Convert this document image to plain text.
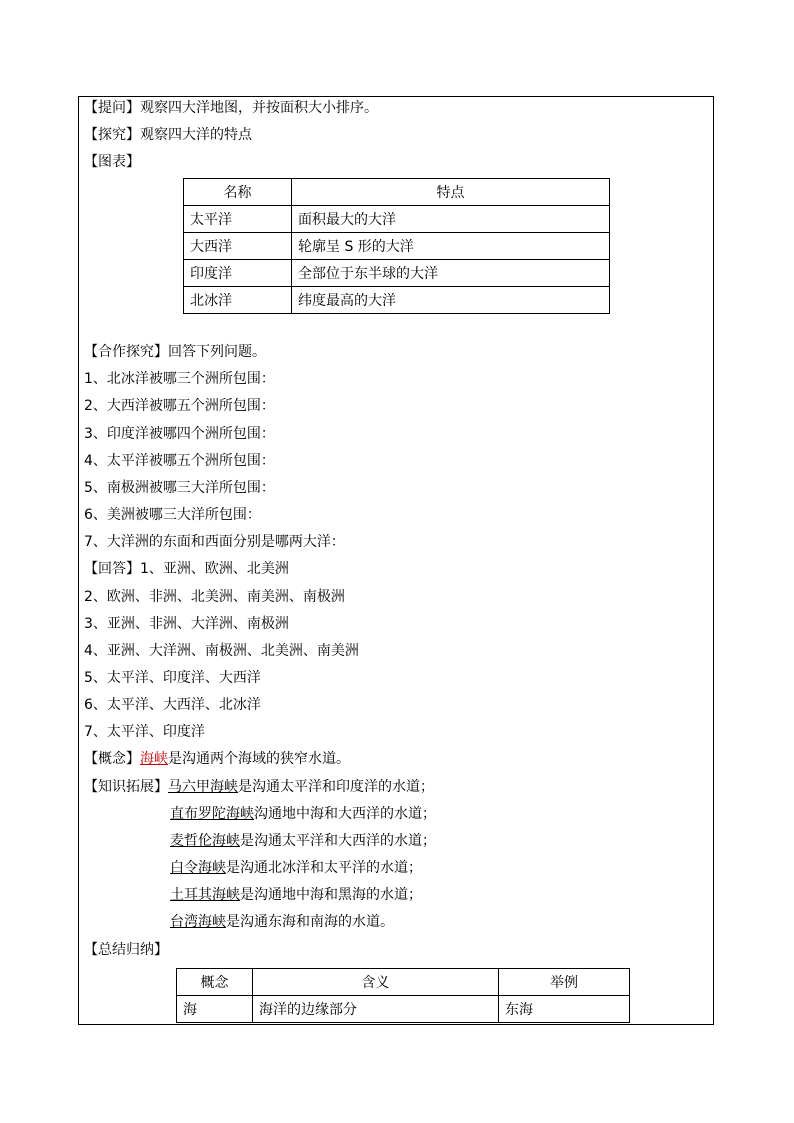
【提问】观察四大洋地图，并按面积大小排序。
【探究】观察四大洋的特点
【图表】
名称	特点
太平洋	面积最大的大洋
大西洋	轮廓呈 S 形的大洋
印度洋	全部位于东半球的大洋
北冰洋	纬度最高的大洋
【合作探究】回答下列问题。
1、北冰洋被哪三个洲所包围：
2、大西洋被哪五个洲所包围：
3、印度洋被哪四个洲所包围：
4、太平洋被哪五个洲所包围：
5、南极洲被哪三大洋所包围：
6、美洲被哪三大洋所包围：
7、大洋洲的东面和西面分别是哪两大洋：
【回答】1、亚洲、欧洲、北美洲
2、欧洲、非洲、北美洲、南美洲、南极洲
3、亚洲、非洲、大洋洲、南极洲
4、亚洲、大洋洲、南极洲、北美洲、南美洲
5、太平洋、印度洋、大西洋
6、太平洋、大西洋、北冰洋
7、太平洋、印度洋
【概念】海峡是沟通两个海域的狭窄水道。
【知识拓展】马六甲海峡是沟通太平洋和印度洋的水道；
直布罗陀海峡沟通地中海和大西洋的水道；
麦哲伦海峡是沟通太平洋和大西洋的水道；
白令海峡是沟通北冰洋和太平洋的水道；
土耳其海峡是沟通地中海和黑海的水道；
台湾海峡是沟通东海和南海的水道。
【总结归纳】
概念	含义	举例
海	海洋的边缘部分	东海
